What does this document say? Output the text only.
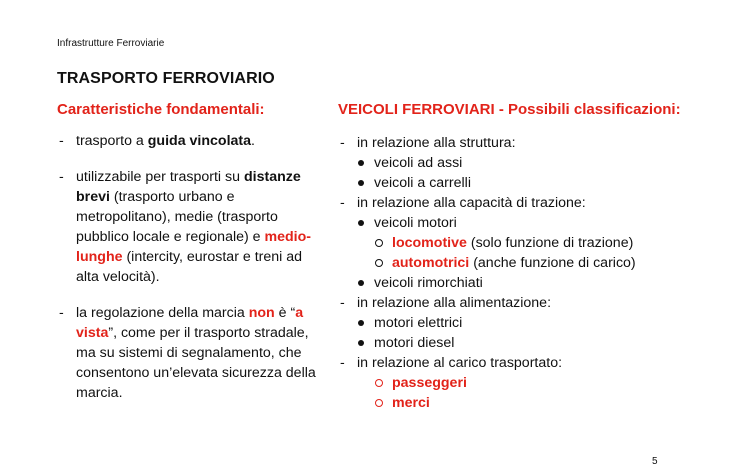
Infrastrutture Ferroviarie
TRASPORTO FERROVIARIO
Caratteristiche fondamentali:	VEICOLI FERROVIARI - Possibili classificazioni:
- trasporto a guida vincolata.
- utilizzabile per trasporti su distanze brevi (trasporto urbano e metropolitano), medie (trasporto pubblico locale e regionale) e medio-lunghe (intercity, eurostar e treni ad alta velocità).
- la regolazione della marcia non è “a vista”, come per il trasporto stradale, ma su sistemi di segnalamento, che consentono un’elevata sicurezza della marcia.
- in relazione alla struttura:
veicoli ad assi
veicoli a carrelli
- in relazione alla capacità di trazione:
veicoli motori
locomotive (solo funzione di trazione)
automotrici (anche funzione di carico)
veicoli rimorchiati
- in relazione alla alimentazione:
motori elettrici
motori diesel
- in relazione al carico trasportato:
passeggeri
merci
5
